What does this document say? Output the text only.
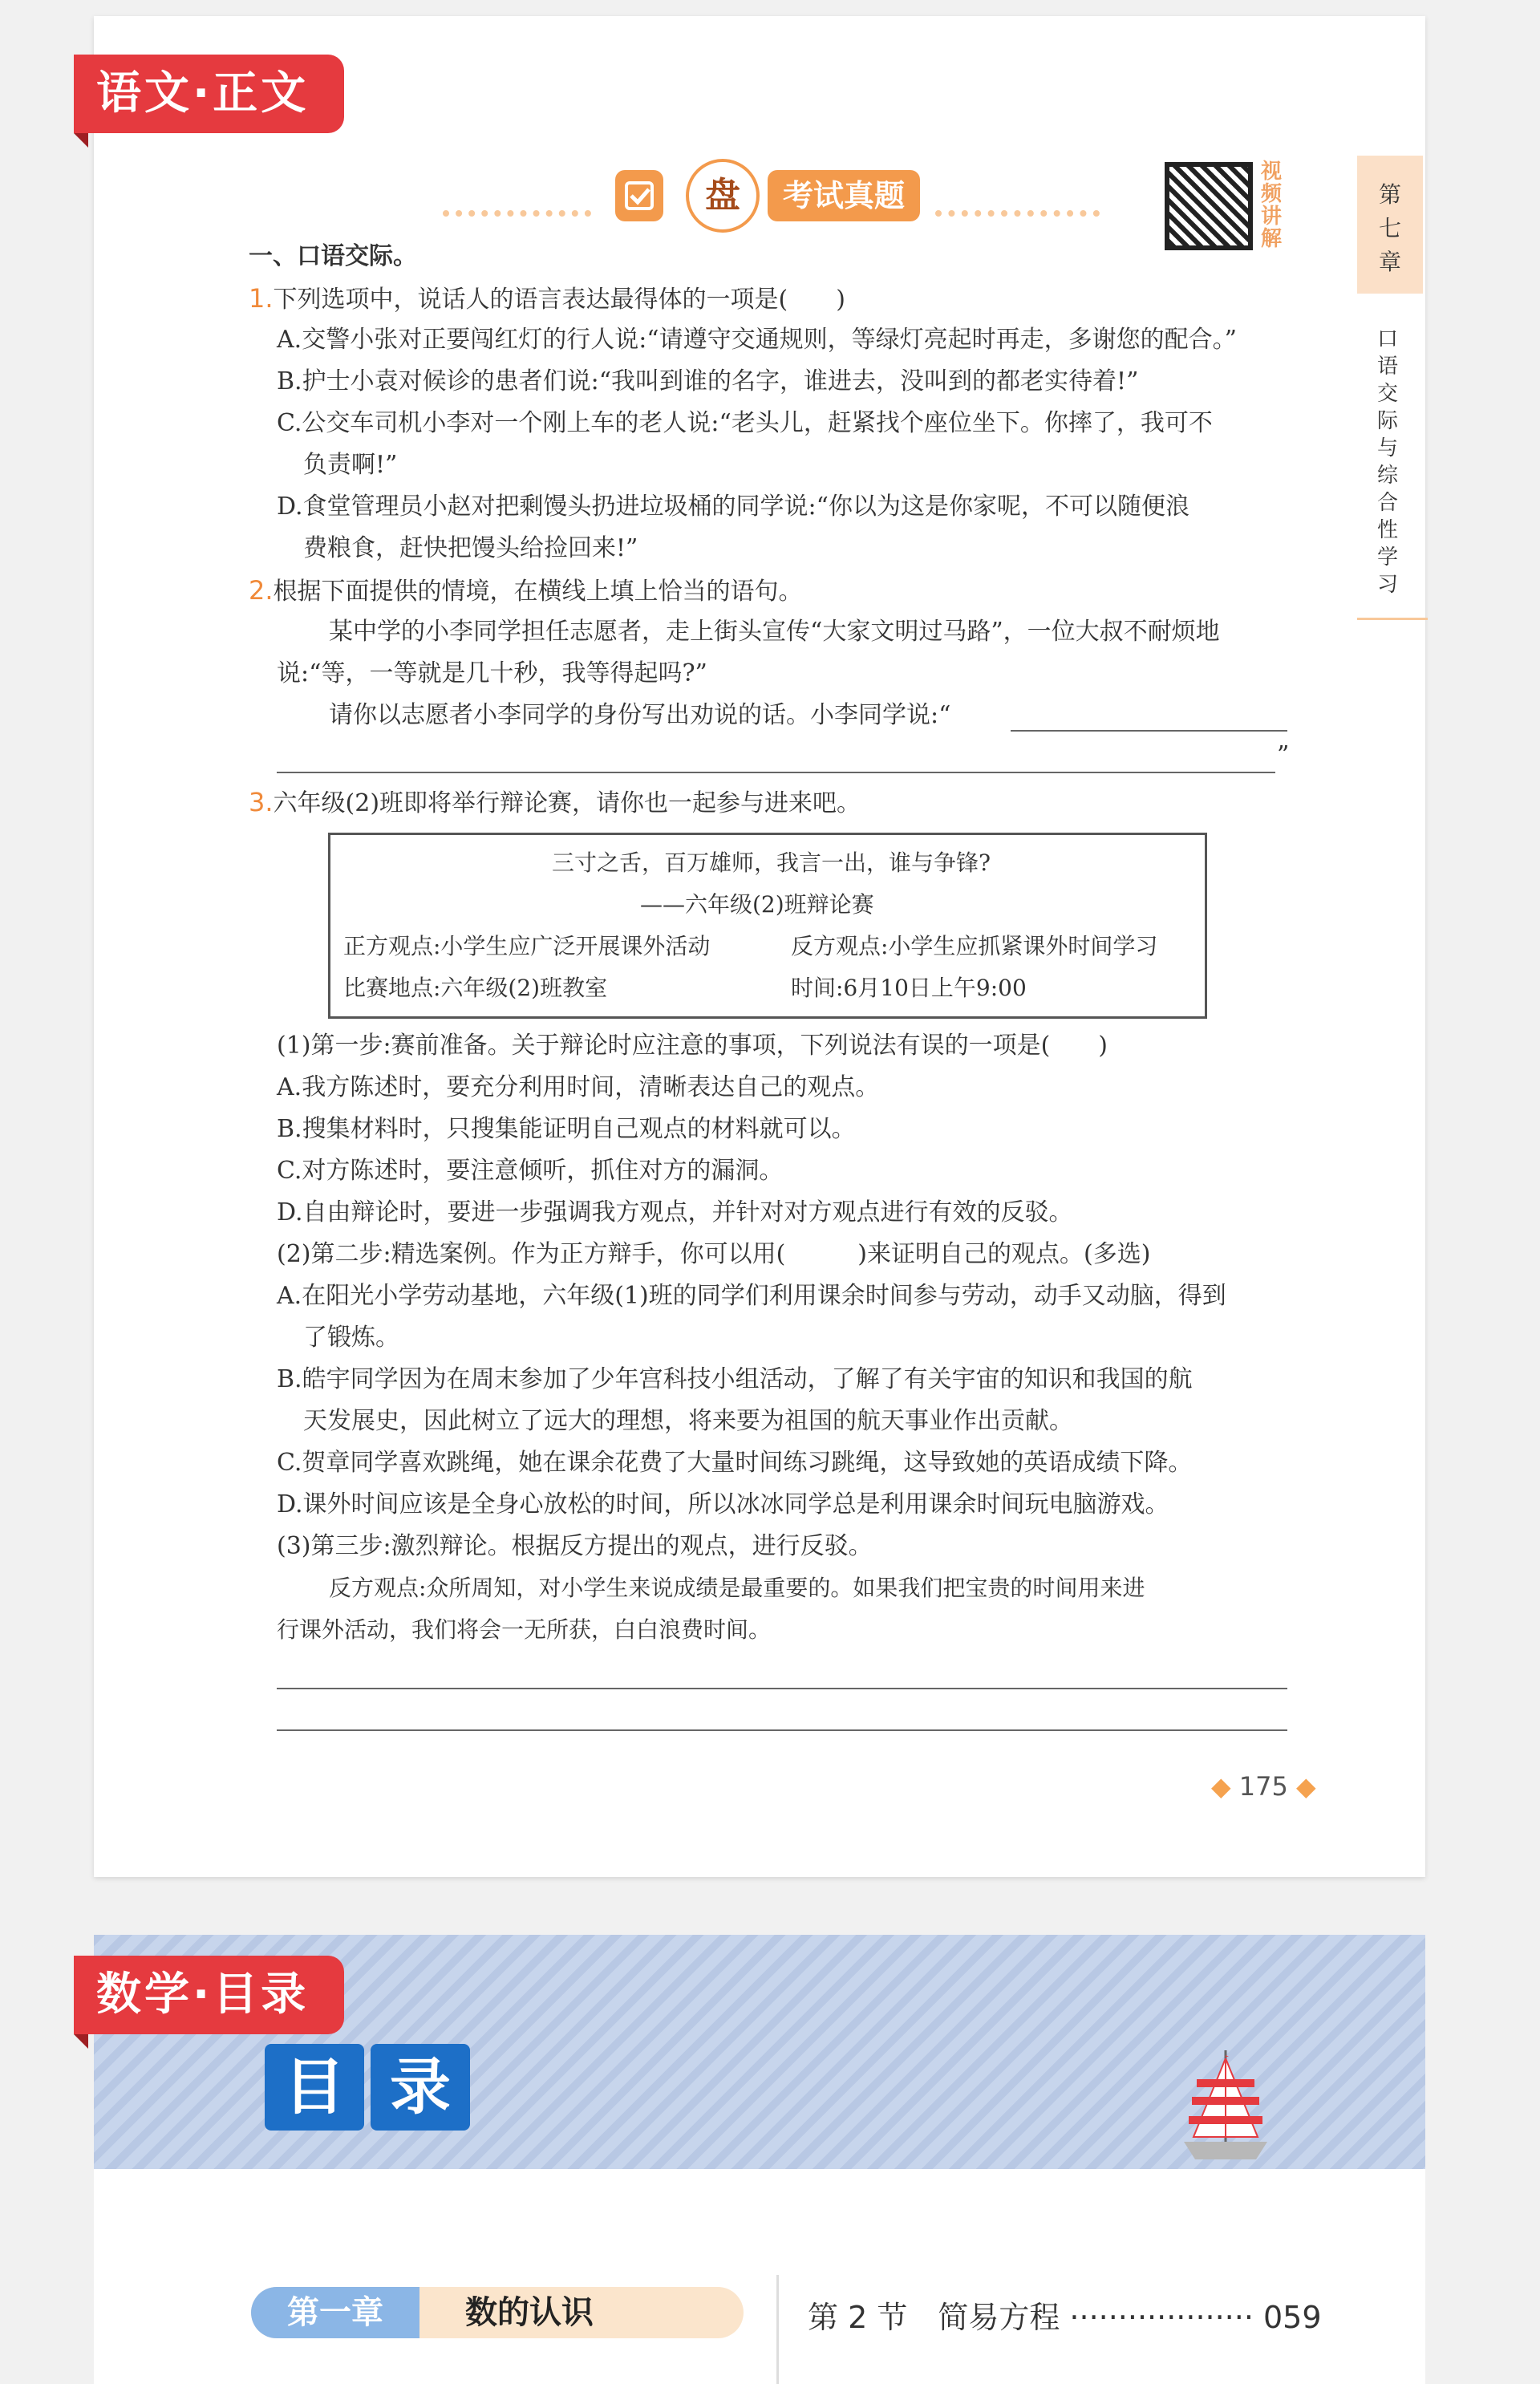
语文·正文
盘	考试真题
视频讲解
第七章
口语交际与综合性学习
一、口语交际。
1.下列选项中，说话人的语言表达最得体的一项是(　　)
A.交警小张对正要闯红灯的行人说:“请遵守交通规则，等绿灯亮起时再走，多谢您的配合。”
B.护士小袁对候诊的患者们说:“我叫到谁的名字，谁进去，没叫到的都老实待着!”
C.公交车司机小李对一个刚上车的老人说:“老头儿，赶紧找个座位坐下。你摔了，我可不
负责啊!”
D.食堂管理员小赵对把剩馒头扔进垃圾桶的同学说:“你以为这是你家呢，不可以随便浪
费粮食，赶快把馒头给捡回来!”
2.根据下面提供的情境，在横线上填上恰当的语句。
某中学的小李同学担任志愿者，走上街头宣传“大家文明过马路”，一位大叔不耐烦地
说:“等，一等就是几十秒，我等得起吗?”
请你以志愿者小李同学的身份写出劝说的话。小李同学说:“
”
3.六年级(2)班即将举行辩论赛，请你也一起参与进来吧。
三寸之舌，百万雄师，我言一出，谁与争锋?
——六年级(2)班辩论赛
正方观点:小学生应广泛开展课外活动	反方观点:小学生应抓紧课外时间学习
比赛地点:六年级(2)班教室	时间:6月10日上午9:00
(1)第一步:赛前准备。关于辩论时应注意的事项，下列说法有误的一项是(　　)
A.我方陈述时，要充分利用时间，清晰表达自己的观点。
B.搜集材料时，只搜集能证明自己观点的材料就可以。
C.对方陈述时，要注意倾听，抓住对方的漏洞。
D.自由辩论时，要进一步强调我方观点，并针对对方观点进行有效的反驳。
(2)第二步:精选案例。作为正方辩手，你可以用(　　　)来证明自己的观点。(多选)
A.在阳光小学劳动基地，六年级(1)班的同学们利用课余时间参与劳动，动手又动脑，得到
了锻炼。
B.皓宇同学因为在周末参加了少年宫科技小组活动，了解了有关宇宙的知识和我国的航
天发展史，因此树立了远大的理想，将来要为祖国的航天事业作出贡献。
C.贺章同学喜欢跳绳，她在课余花费了大量时间练习跳绳，这导致她的英语成绩下降。
D.课外时间应该是全身心放松的时间，所以冰冰同学总是利用课余时间玩电脑游戏。
(3)第三步:激烈辩论。根据反方提出的观点，进行反驳。
反方观点:众所周知，对小学生来说成绩是最重要的。如果我们把宝贵的时间用来进
行课外活动，我们将会一无所获，白白浪费时间。
◆ 175 ◆
数学·目录
目 录
第一章	数的认识	第 2 节　简易方程 ··················· 059
